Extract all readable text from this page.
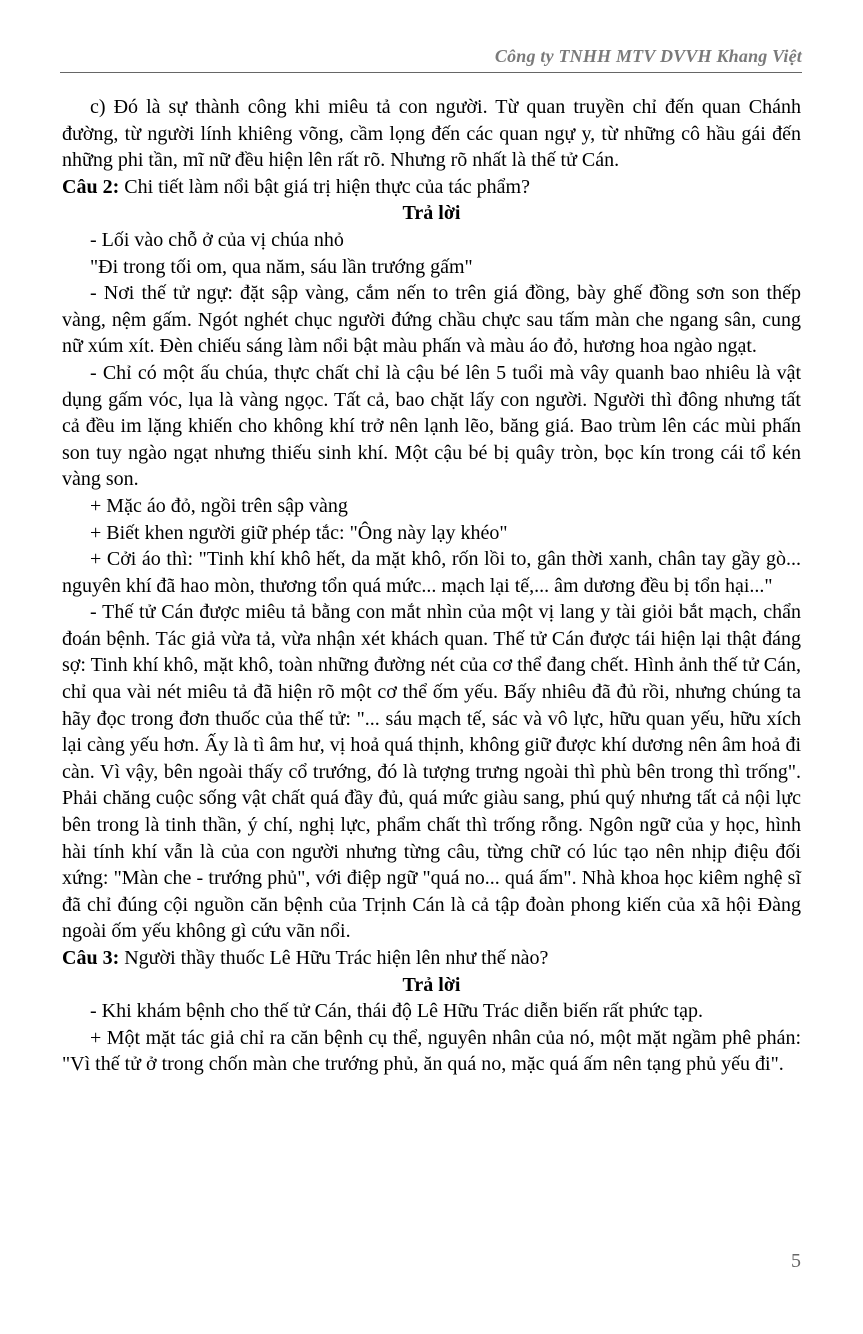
Công ty TNHH MTV DVVH Khang Việt

c) Đó là sự thành công khi miêu tả con người. Từ quan truyền chỉ đến quan Chánh đường, từ người lính khiêng võng, cầm lọng đến các quan ngự y, từ những cô hầu gái đến những phi tần, mĩ nữ đều hiện lên rất rõ. Nhưng rõ nhất là thế tử Cán.

Câu 2: Chi tiết làm nổi bật giá trị hiện thực của tác phẩm?

Trả lời

- Lối vào chỗ ở của vị chúa nhỏ

"Đi trong tối om, qua năm, sáu lần trướng gấm"

- Nơi thế tử ngự: đặt sập vàng, cắm nến to trên giá đồng, bày ghế đồng sơn son thếp vàng, nệm gấm. Ngót nghét chục người đứng chầu chực sau tấm màn che ngang sân, cung nữ xúm xít. Đèn chiếu sáng làm nổi bật màu phấn và màu áo đỏ, hương hoa ngào ngạt.

- Chỉ có một ấu chúa, thực chất chỉ là cậu bé lên 5 tuổi mà vây quanh bao nhiêu là vật dụng gấm vóc, lụa là vàng ngọc. Tất cả, bao chặt lấy con người. Người thì đông nhưng tất cả đều im lặng khiến cho không khí trở nên lạnh lẽo, băng giá. Bao trùm lên các mùi phấn son tuy ngào ngạt nhưng thiếu sinh khí. Một cậu bé bị quây tròn, bọc kín trong cái tổ kén vàng son.

+ Mặc áo đỏ, ngồi trên sập vàng

+ Biết khen người giữ phép tắc: "Ông này lạy khéo"

+ Cởi áo thì: "Tinh khí khô hết, da mặt khô, rốn lồi to, gân thời xanh, chân tay gầy gò... nguyên khí đã hao mòn, thương tổn quá mức... mạch lại tế,... âm dương đều bị tổn hại..."

- Thế tử Cán được miêu tả bằng con mắt nhìn của một vị lang y tài giỏi bắt mạch, chẩn đoán bệnh. Tác giả vừa tả, vừa nhận xét khách quan. Thế tử Cán được tái hiện lại thật đáng sợ: Tinh khí khô, mặt khô, toàn những đường nét của cơ thể đang chết. Hình ảnh thế tử Cán, chỉ qua vài nét miêu tả đã hiện rõ một cơ thể ốm yếu. Bấy nhiêu đã đủ rồi, nhưng chúng ta hãy đọc trong đơn thuốc của thế tử: "... sáu mạch tế, sác và vô lực, hữu quan yếu, hữu xích lại càng yếu hơn. Ấy là tì âm hư, vị hoả quá thịnh, không giữ được khí dương nên âm hoả đi càn. Vì vậy, bên ngoài thấy cổ trướng, đó là tượng trưng ngoài thì phù bên trong thì trống". Phải chăng cuộc sống vật chất quá đầy đủ, quá mức giàu sang, phú quý nhưng tất cả nội lực bên trong là tinh thần, ý chí, nghị lực, phẩm chất thì trống rỗng. Ngôn ngữ của y học, hình hài tính khí vẫn là của con người nhưng từng câu, từng chữ có lúc tạo nên nhịp điệu đối xứng: "Màn che - trướng phủ", với điệp ngữ "quá no... quá ấm". Nhà khoa học kiêm nghệ sĩ đã chỉ đúng cội nguồn căn bệnh của Trịnh Cán là cả tập đoàn phong kiến của xã hội Đàng ngoài ốm yếu không gì cứu vãn nổi.

Câu 3: Người thầy thuốc Lê Hữu Trác hiện lên như thế nào?

Trả lời

- Khi khám bệnh cho thế tử Cán, thái độ Lê Hữu Trác diễn biến rất phức tạp.

+ Một mặt tác giả chỉ ra căn bệnh cụ thể, nguyên nhân của nó, một mặt ngầm phê phán: "Vì thế tử ở trong chốn màn che trướng phủ, ăn quá no, mặc quá ấm nên tạng phủ yếu đi".

5
